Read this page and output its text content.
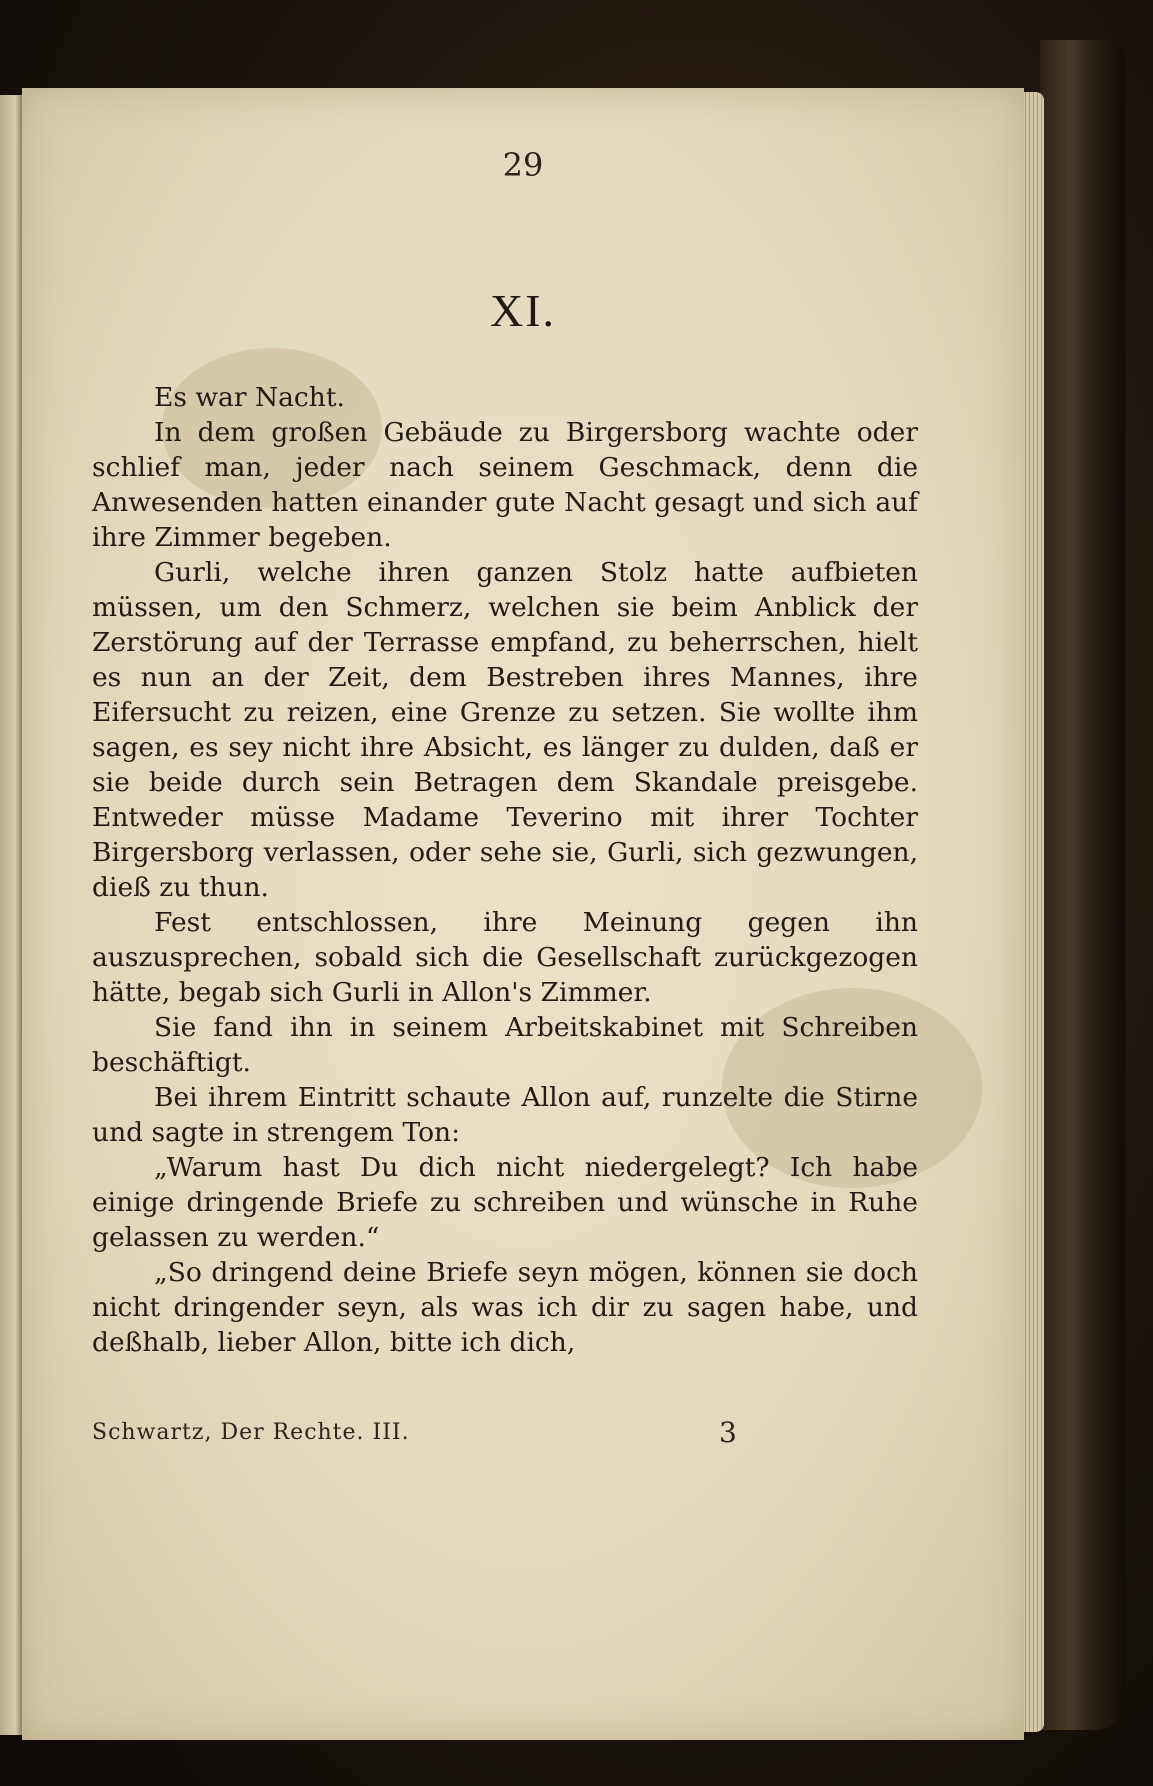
29
XI.

Es war Nacht.

In dem großen Gebäude zu Birgersborg wachte oder schlief man, jeder nach seinem Geschmack, denn die Anwesenden hatten einander gute Nacht gesagt und sich auf ihre Zimmer begeben.

Gurli, welche ihren ganzen Stolz hatte aufbieten müssen, um den Schmerz, welchen sie beim Anblick der Zerstörung auf der Terrasse empfand, zu beherrschen, hielt es nun an der Zeit, dem Bestreben ihres Mannes, ihre Eifersucht zu reizen, eine Grenze zu setzen. Sie wollte ihm sagen, es sey nicht ihre Absicht, es länger zu dulden, daß er sie beide durch sein Betragen dem Skandale preisgebe. Entweder müsse Madame Teverino mit ihrer Tochter Birgersborg verlassen, oder sehe sie, Gurli, sich gezwungen, dieß zu thun.

Fest entschlossen, ihre Meinung gegen ihn auszusprechen, sobald sich die Gesellschaft zurückgezogen hätte, begab sich Gurli in Allon's Zimmer.

Sie fand ihn in seinem Arbeitskabinet mit Schreiben beschäftigt.

Bei ihrem Eintritt schaute Allon auf, runzelte die Stirne und sagte in strengem Ton:

„Warum hast Du dich nicht niedergelegt? Ich habe einige dringende Briefe zu schreiben und wünsche in Ruhe gelassen zu werden.“

„So dringend deine Briefe seyn mögen, können sie doch nicht dringender seyn, als was ich dir zu sagen habe, und deßhalb, lieber Allon, bitte ich dich,

Schwartz, Der Rechte. III.	3
